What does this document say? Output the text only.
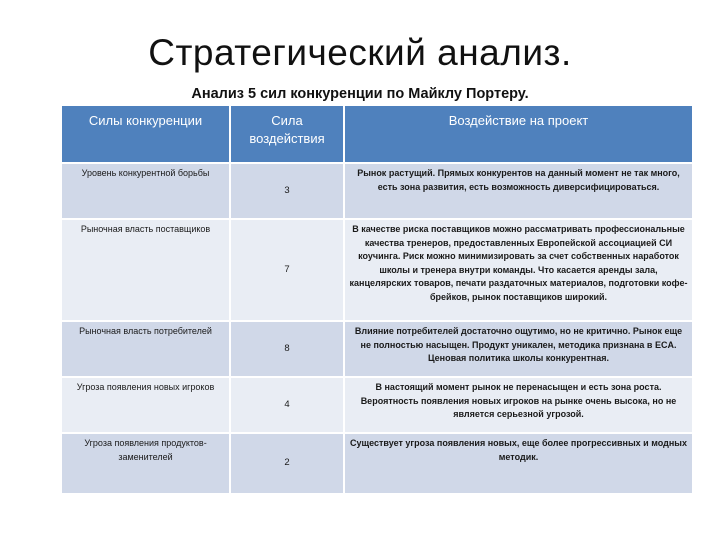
Стратегический анализ.
Анализ 5 сил конкуренции по Майклу Портеру.
Силы конкуренции	Сила воздействия	Воздействие на проект
Уровень конкурентной борьбы	3	Рынок растущий. Прямых конкурентов на данный момент не так много, есть зона развития, есть возможность диверсифицироваться.
Рыночная власть поставщиков	7	В качестве риска поставщиков можно рассматривать профессиональные качества тренеров, предоставленных Европейской ассоциацией СИ коучинга. Риск можно минимизировать за счет собственных наработок школы и тренера внутри команды. Что касается аренды зала, канцелярских товаров, печати раздаточных материалов, подготовки кофе-брейков, рынок поставщиков широкий.
Рыночная власть потребителей	8	Влияние потребителей достаточно ощутимо, но не критично. Рынок еще не полностью насыщен. Продукт уникален, методика признана в ECA. Ценовая политика школы конкурентная.
Угроза появления новых игроков	4	В настоящий момент рынок не перенасыщен и есть зона роста. Вероятность появления новых игроков на рынке очень высока, но не является серьезной угрозой.
Угроза появления продуктов-заменителей	2	Существует угроза появления новых, еще более прогрессивных и модных методик.
